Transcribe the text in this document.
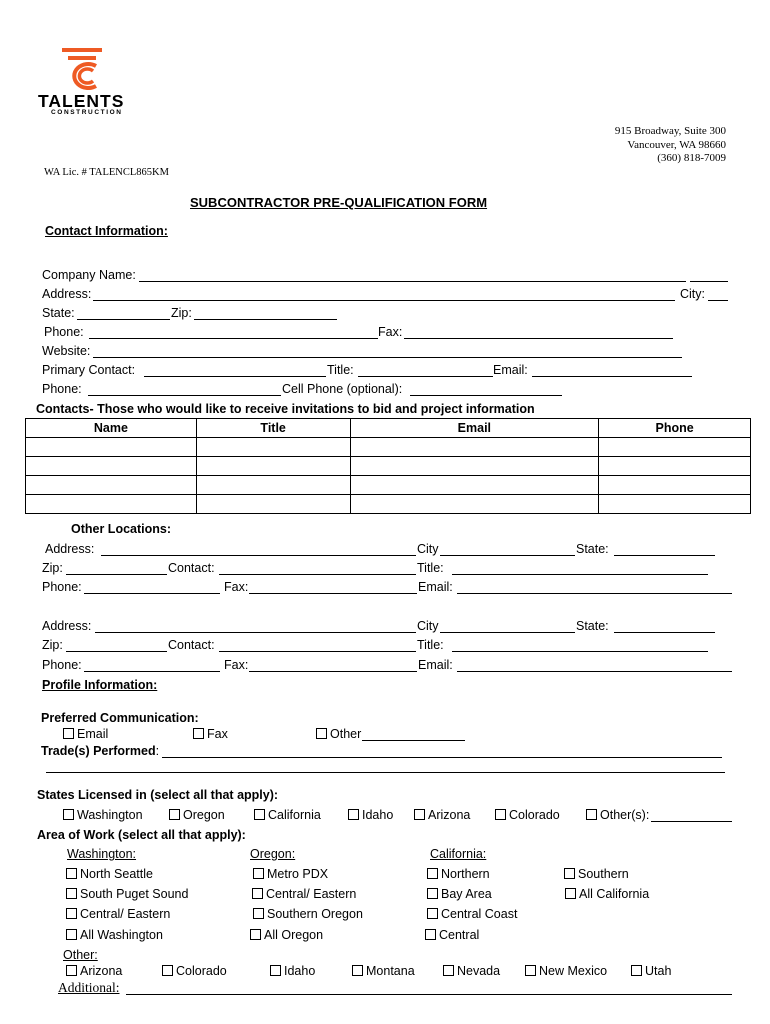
TALENTS
CONSTRUCTION
915 Broadway, Suite 300
Vancouver, WA 98660
(360) 818-7009
WA Lic. # TALENCL865KM
SUBCONTRACTOR PRE-QUALIFICATION FORM
Contact Information:
Company Name:
Address:	City:
State:	Zip:
Phone:	Fax:
Website:
Primary Contact:	Title:	Email:
Phone:	Cell Phone (optional):
Contacts- Those who would like to receive invitations to bid and project information
Name	Title	Email	Phone

Other Locations:
Address:	City	State:
Zip:	Contact:	Title:
Phone:	Fax:	Email:
Address:	City	State:
Zip:	Contact:	Title:
Phone:	Fax:	Email:
Profile Information:
Preferred Communication:
Email	Fax	Other
Trade(s) Performed:
States Licensed in (select all that apply):
Washington	Oregon	California	Idaho	Arizona	Colorado	Other(s):
Area of Work (select all that apply):
Washington:	Oregon:	California:
North Seattle	Metro PDX	Northern	Southern
South Puget Sound	Central/ Eastern	Bay Area	All California
Central/ Eastern	Southern Oregon	Central Coast
All Washington	All Oregon	Central
Other:
Arizona	Colorado	Idaho	Montana	Nevada	New Mexico	Utah
Additional:
